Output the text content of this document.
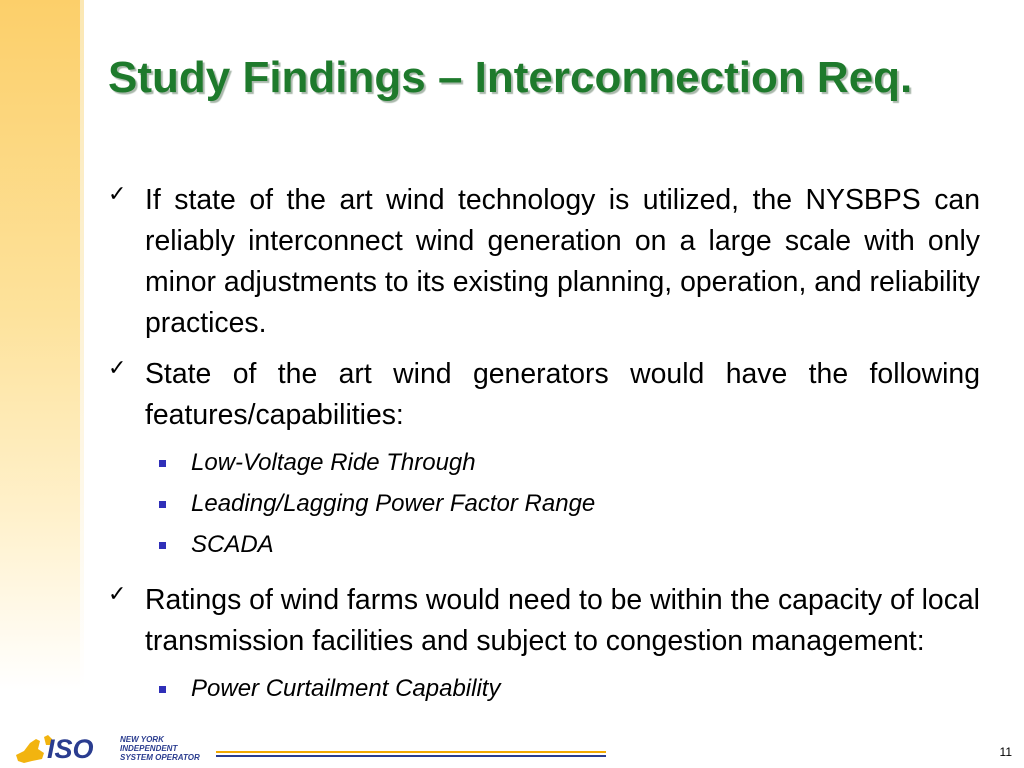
Study Findings – Interconnection Req.
✓ If state of the art wind technology is utilized, the NYSBPS can reliably interconnect wind generation on a large scale with only minor adjustments to its existing planning, operation, and reliability practices.

✓ State of the art wind generators would have the following features/capabilities:

Low-Voltage Ride Through
Leading/Lagging Power Factor Range
SCADA
✓ Ratings of wind farms would need to be within the capacity of local transmission facilities and subject to congestion management:

Power Curtailment Capability
ISO	NEW YORK
INDEPENDENT
SYSTEM OPERATOR	11
